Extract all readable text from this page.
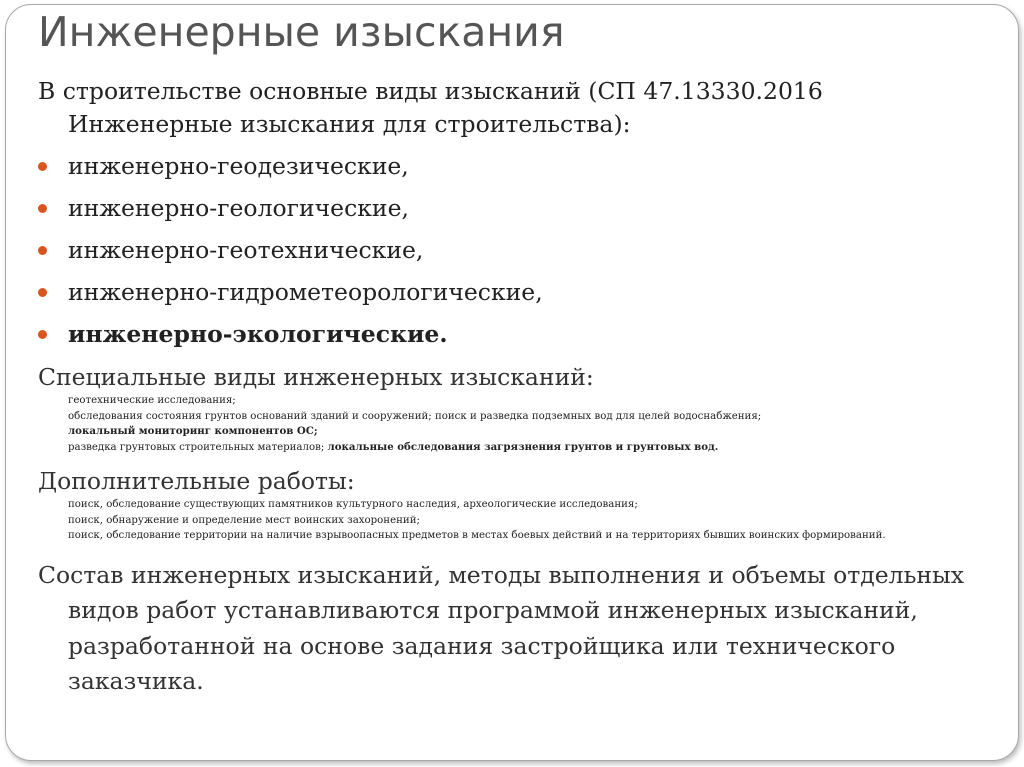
Инженерные изыскания

В строительстве основные виды изысканий (СП 47.13330.2016 Инженерные изыскания для строительства):

инженерно-геодезические,
инженерно-геологические,
инженерно-геотехнические,
инженерно-гидрометеорологические,
инженерно-экологические.

Специальные виды инженерных изысканий:

геотехнические исследования;

обследования состояния грунтов оснований зданий и сооружений; поиск и разведка подземных вод для целей водоснабжения;

локальный мониторинг компонентов ОС;

разведка грунтовых строительных материалов; локальные обследования загрязнения грунтов и грунтовых вод.

Дополнительные работы:

поиск, обследование существующих памятников культурного наследия, археологические исследования;

поиск, обнаружение и определение мест воинских захоронений;

поиск, обследование территории на наличие взрывоопасных предметов в местах боевых действий и на территориях бывших воинских формирований.

Состав инженерных изысканий, методы выполнения и объемы отдельных видов работ устанавливаются программой инженерных изысканий, разработанной на основе задания застройщика или технического заказчика.
